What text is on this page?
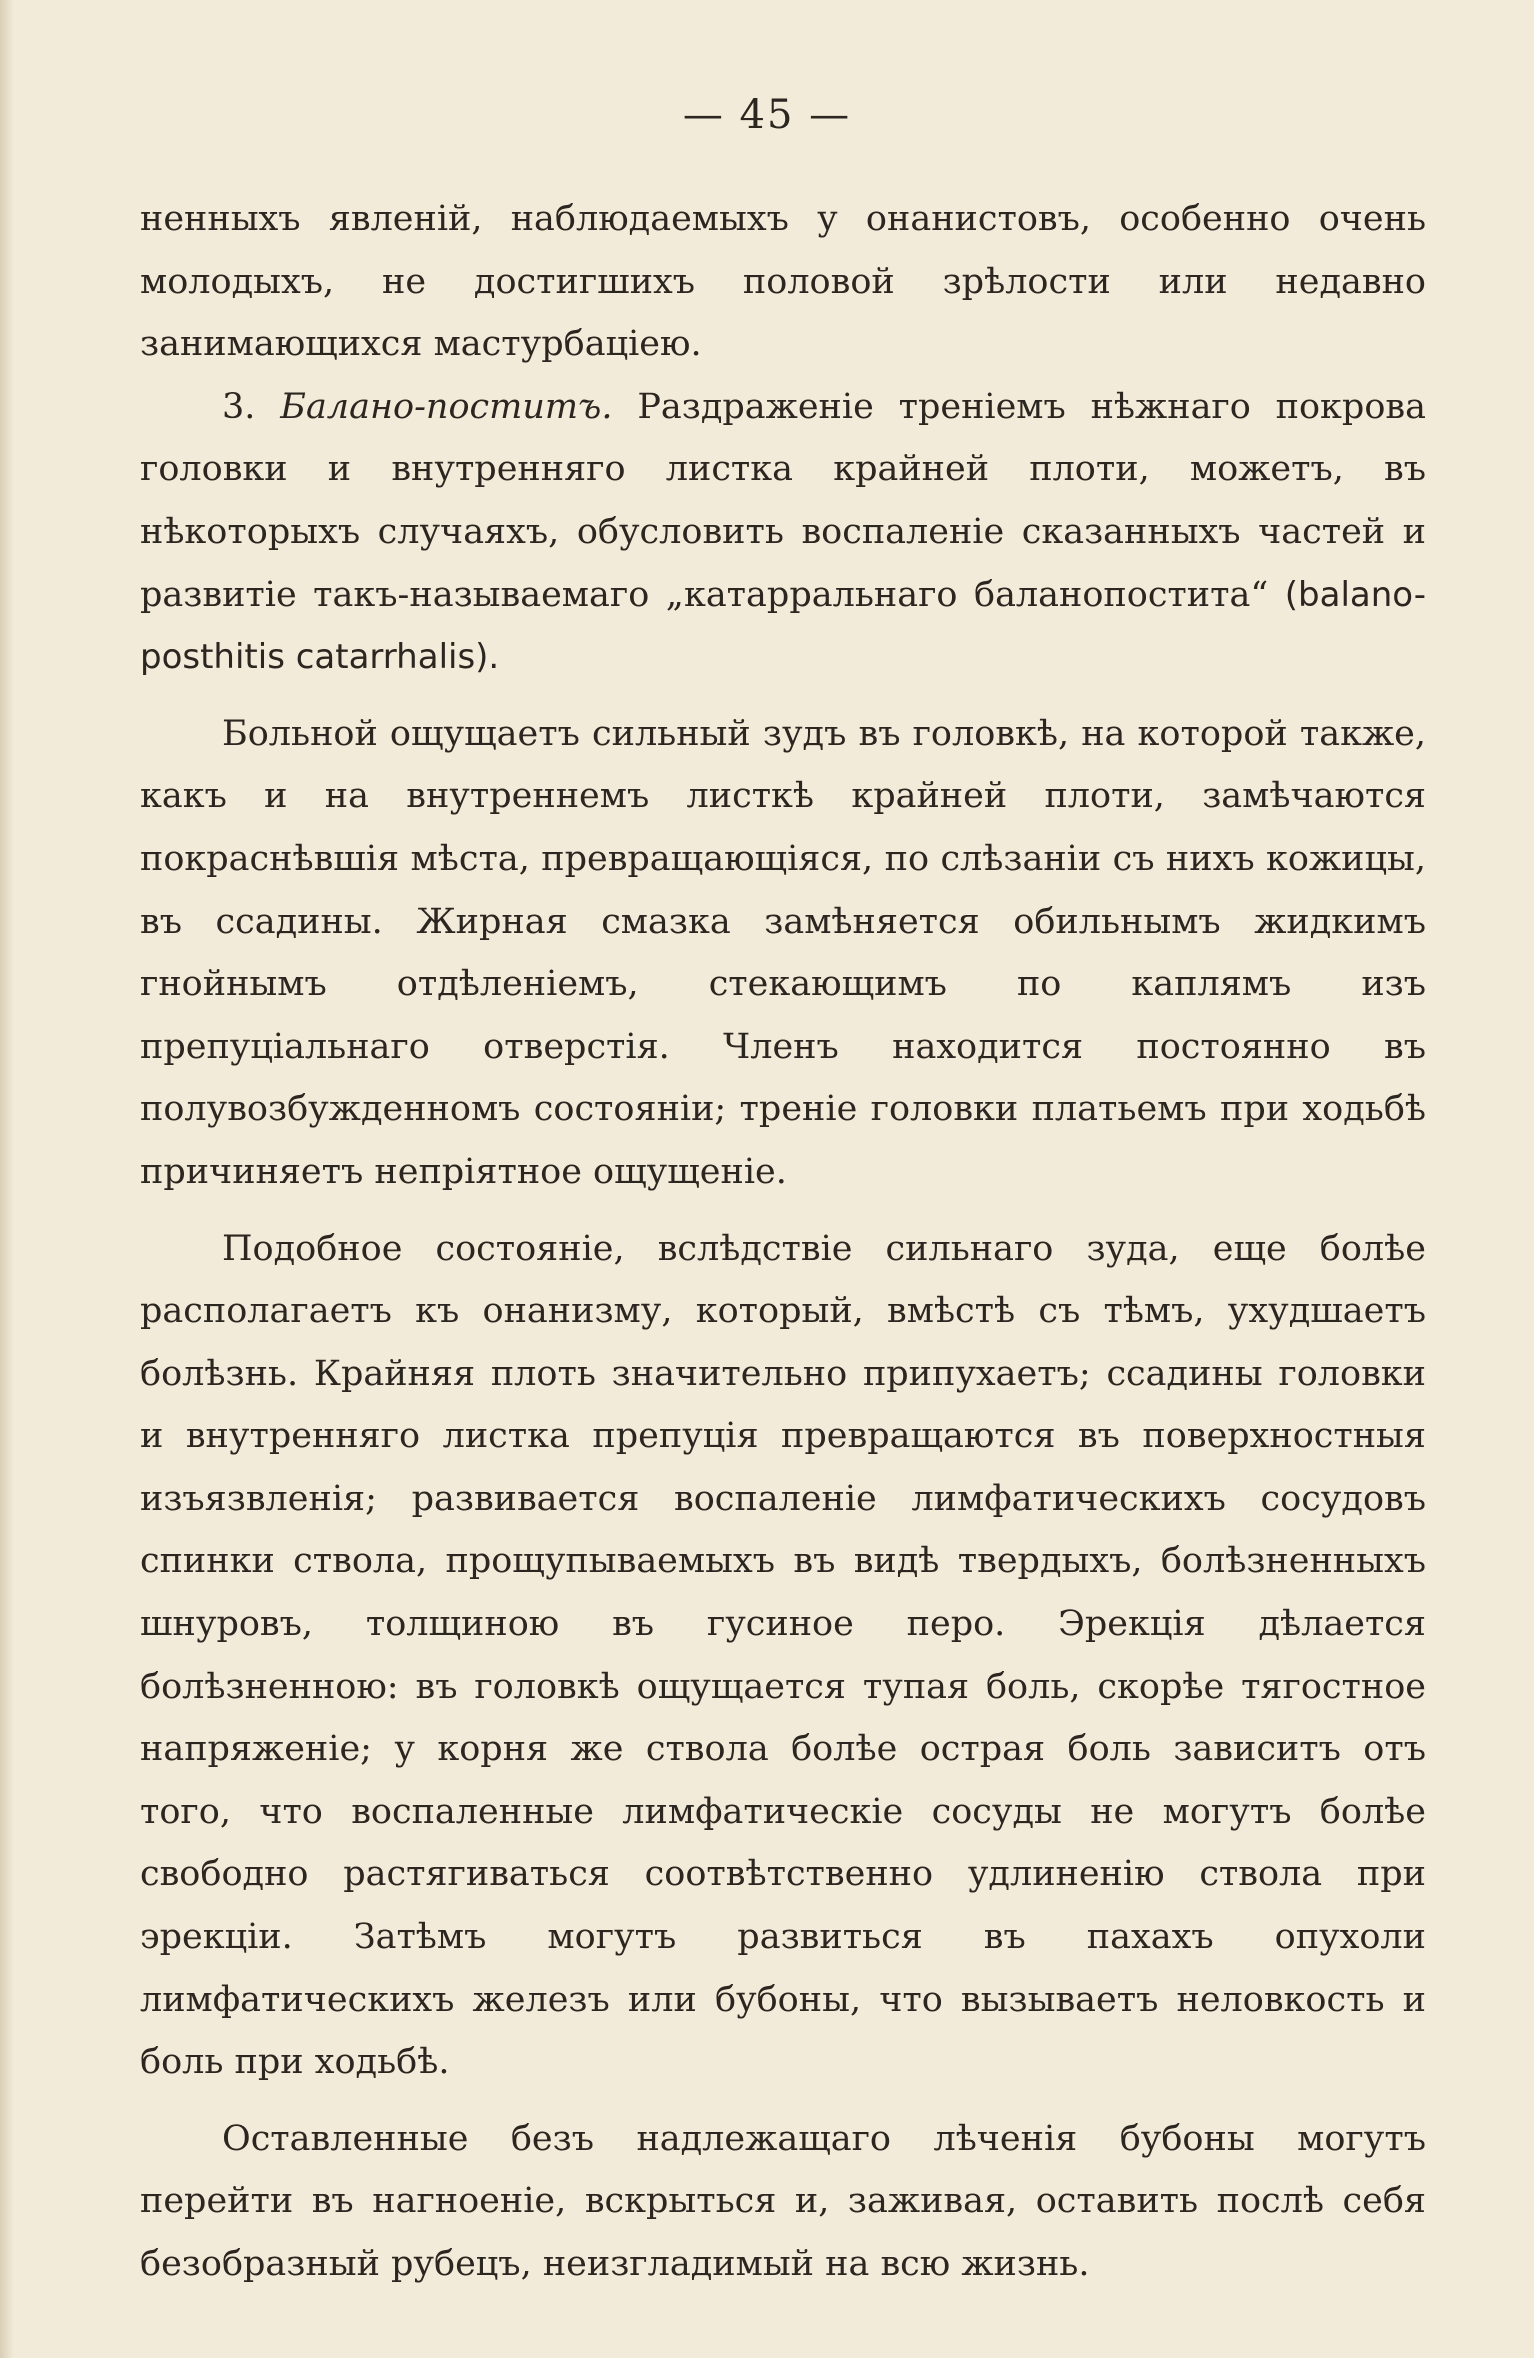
— 45 —

ненныхъ явленій, наблюдаемыхъ у онанистовъ, особенно очень молодыхъ, не достигшихъ половой зрѣлости или недавно занимающихся мастурбаціею.

3. Балано-поститъ. Раздраженіе треніемъ нѣжнаго покрова головки и внутренняго листка крайней плоти, можетъ, въ нѣкоторыхъ случаяхъ, обусловить воспаленіе сказанныхъ частей и развитіе такъ-называемаго „катарральнаго баланопостита“ (balano-posthitis catarrhalis).

Больной ощущаетъ сильный зудъ въ головкѣ, на которой также, какъ и на внутреннемъ листкѣ крайней плоти, замѣчаются покраснѣвшія мѣста, превращающіяся, по слѣзаніи съ нихъ кожицы, въ ссадины. Жирная смазка замѣняется обильнымъ жидкимъ гнойнымъ отдѣленіемъ, стекающимъ по каплямъ изъ препуціальнаго отверстія. Членъ находится постоянно въ полувозбужденномъ состояніи; треніе головки платьемъ при ходьбѣ причиняетъ непріятное ощущеніе.

Подобное состояніе, вслѣдствіе сильнаго зуда, еще болѣе располагаетъ къ онанизму, который, вмѣстѣ съ тѣмъ, ухудшаетъ болѣзнь. Крайняя плоть значительно припухаетъ; ссадины головки и внутренняго листка препуція превращаются въ поверхностныя изъязвленія; развивается воспаленіе лимфатическихъ сосудовъ спинки ствола, прощупываемыхъ въ видѣ твердыхъ, болѣзненныхъ шнуровъ, толщиною въ гусиное перо. Эрекція дѣлается болѣзненною: въ головкѣ ощущается тупая боль, скорѣе тягостное напряженіе; у корня же ствола болѣе острая боль зависитъ отъ того, что воспаленные лимфатическіе сосуды не могутъ болѣе свободно растягиваться соотвѣтственно удлиненію ствола при эрекціи. Затѣмъ могутъ развиться въ пахахъ опухоли лимфатическихъ железъ или бубоны, что вызываетъ неловкость и боль при ходьбѣ.

Оставленные безъ надлежащаго лѣченія бубоны могутъ перейти въ нагноеніе, вскрыться и, заживая, оставить послѣ себя безобразный рубецъ, неизгладимый на всю жизнь.
